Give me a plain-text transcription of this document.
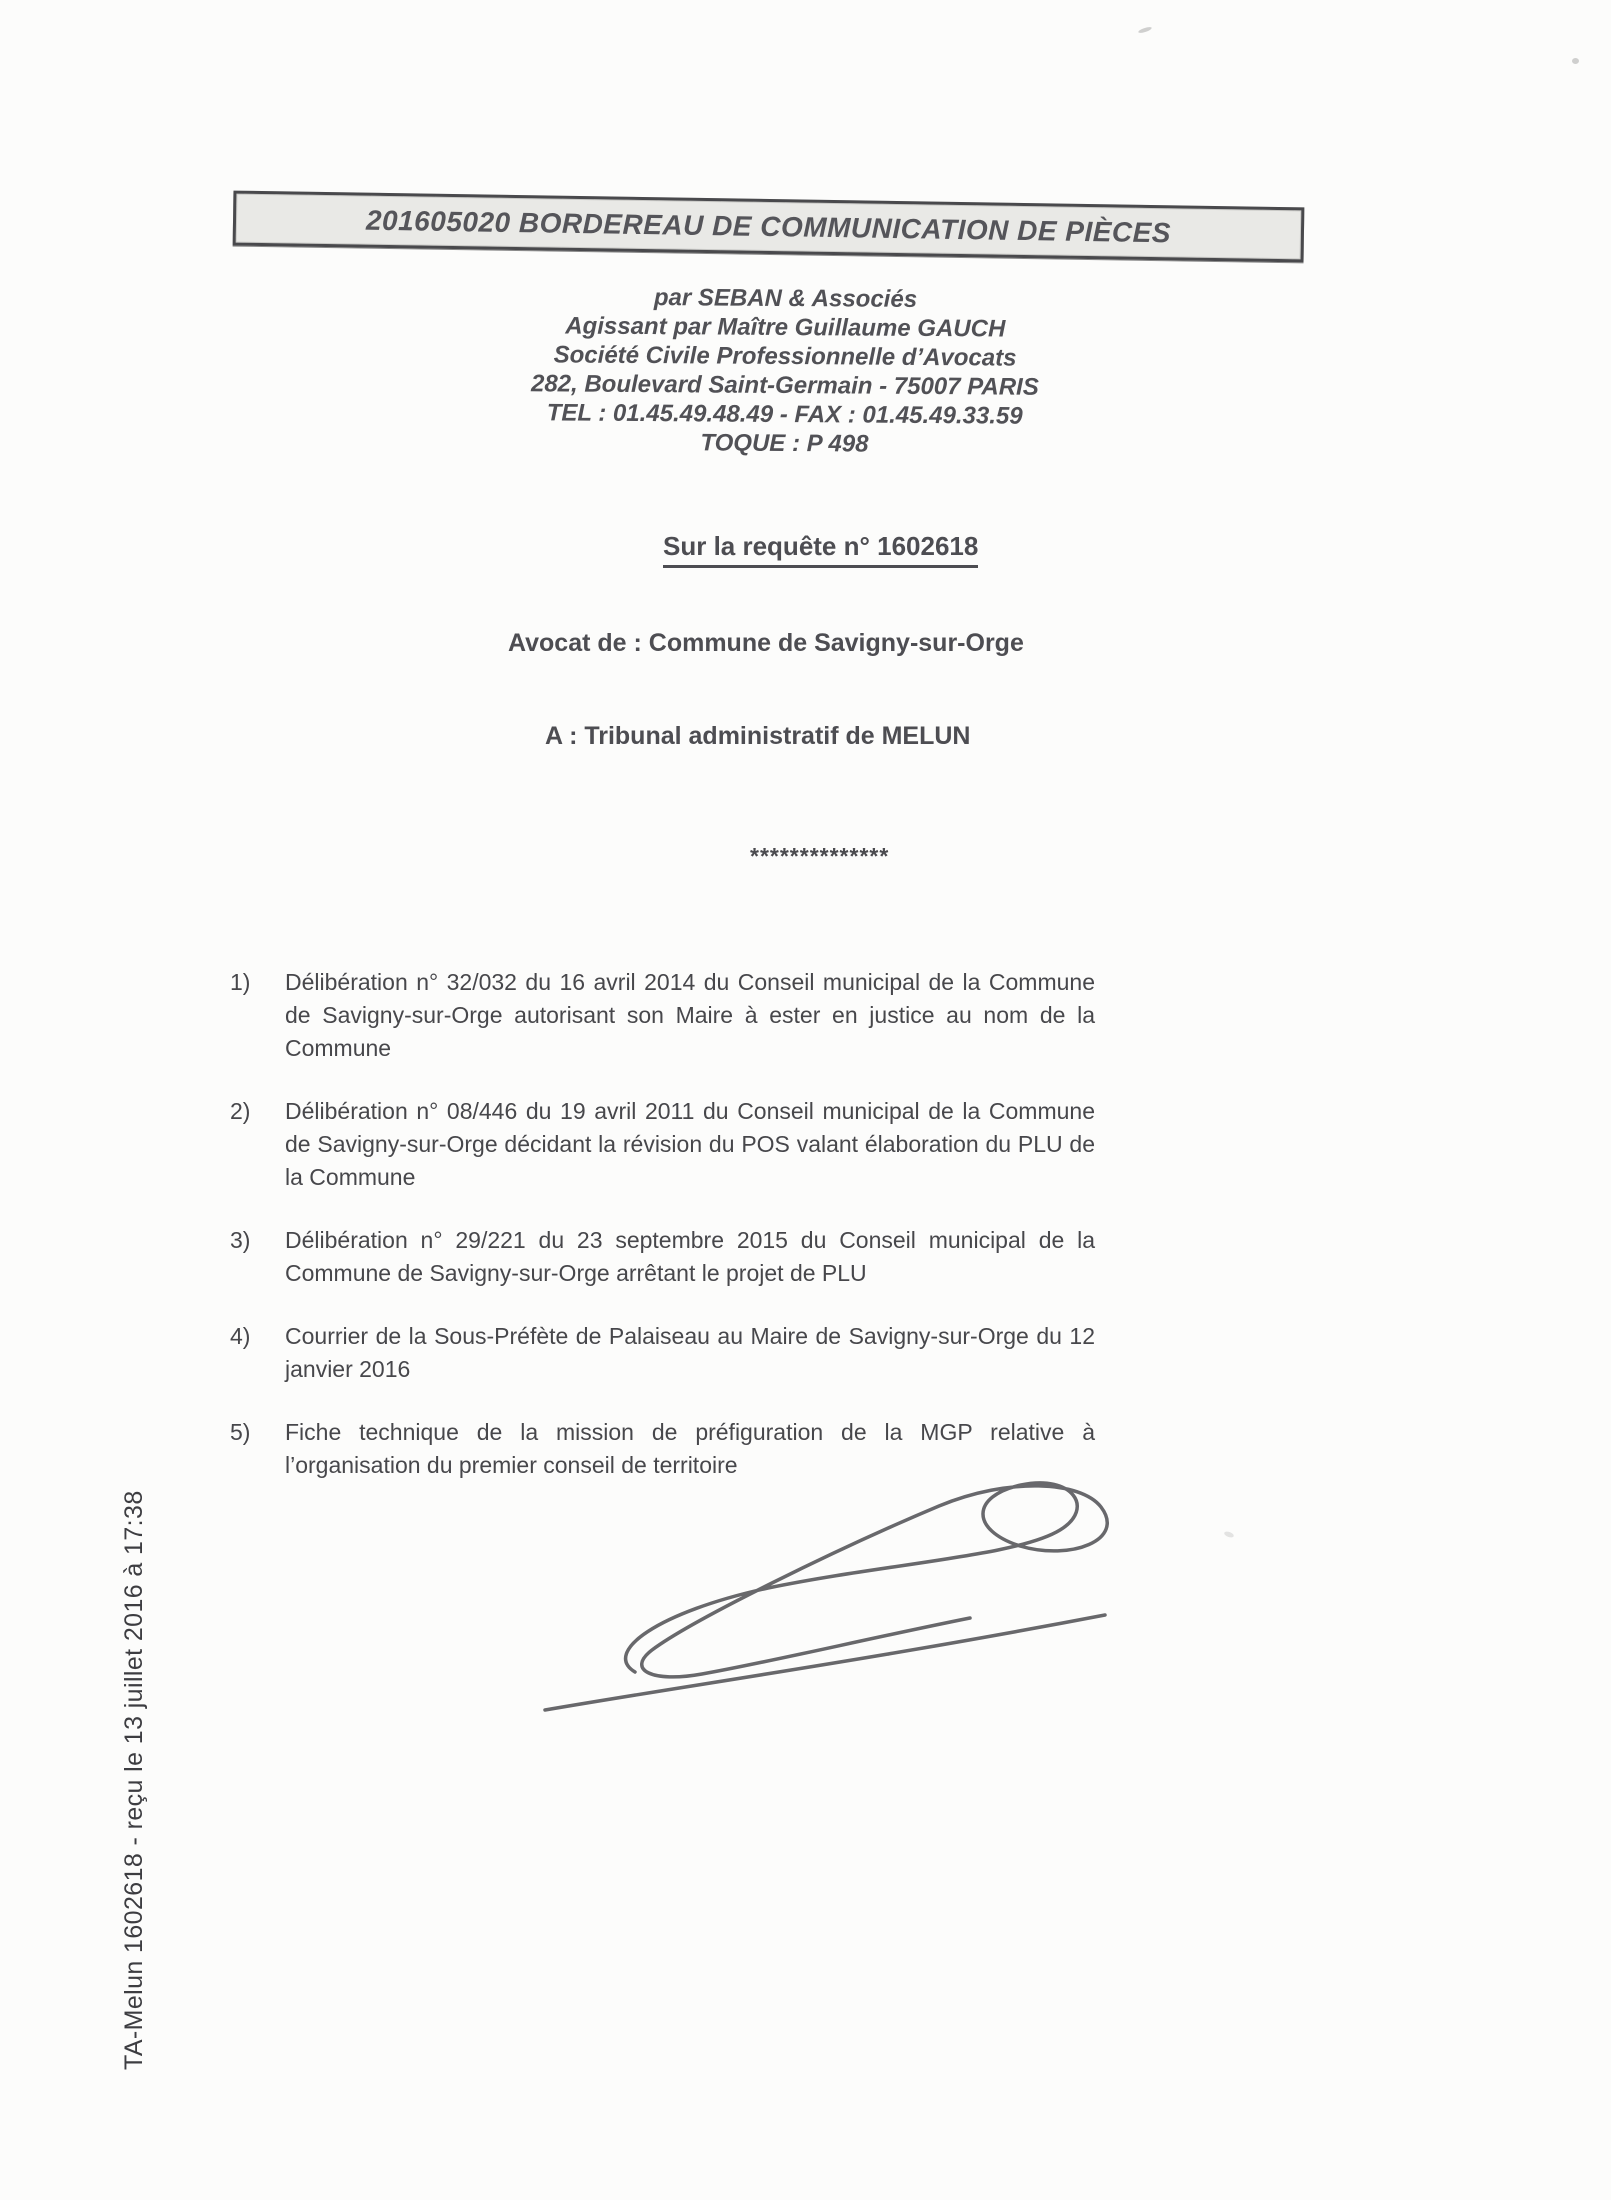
201605020 BORDEREAU DE COMMUNICATION DE PIÈCES
par SEBAN & Associés
Agissant par Maître Guillaume GAUCH
Société Civile Professionnelle d’Avocats
282, Boulevard Saint-Germain - 75007 PARIS
TEL : 01.45.49.48.49 - FAX : 01.45.49.33.59
TOQUE : P 498
Sur la requête n° 1602618
Avocat de : Commune de Savigny-sur-Orge
A : Tribunal administratif de MELUN
**************
1)	Délibération n° 32/032 du 16 avril 2014 du Conseil municipal de la Commune de Savigny-sur-Orge autorisant son Maire à ester en justice au nom de la Commune
2)	Délibération n° 08/446 du 19 avril 2011 du Conseil municipal de la Commune de Savigny-sur-Orge décidant la révision du POS valant élaboration du PLU de la Commune
3)	Délibération n° 29/221 du 23 septembre 2015 du Conseil municipal de la Commune de Savigny-sur-Orge arrêtant le projet de PLU
4)	Courrier de la Sous-Préfète de Palaiseau au Maire de Savigny-sur-Orge du 12 janvier 2016
5)	Fiche technique de la mission de préfiguration de la MGP relative à l’organisation du premier conseil de territoire
TA-Melun 1602618 - reçu le 13 juillet 2016 à 17:38
